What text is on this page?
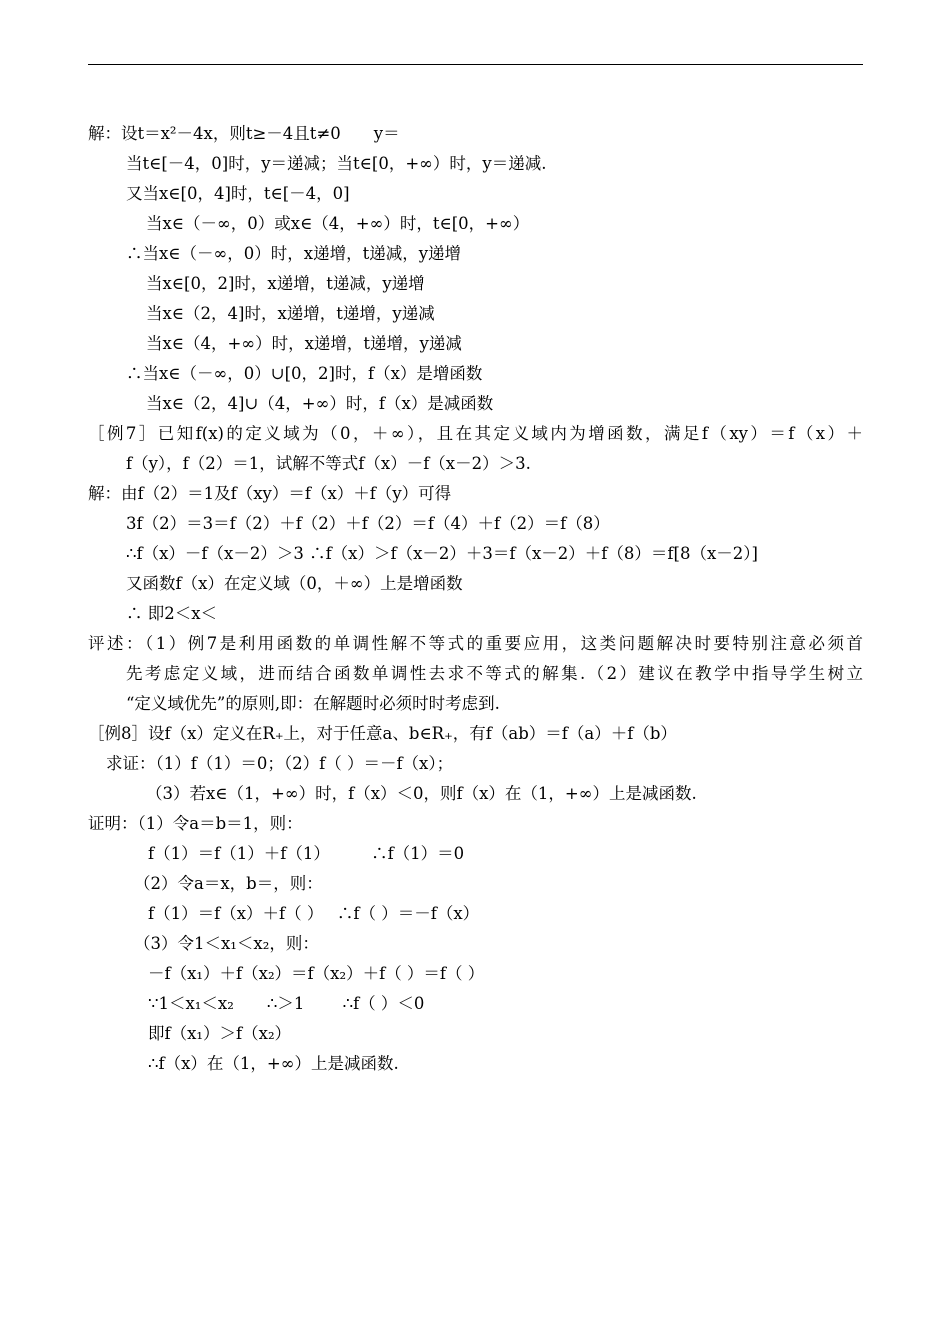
解：设t＝x²－4x，则t≥－4且t≠0　　y＝
当t∈[－4，0]时，y＝递减；当t∈[0，+∞）时，y＝递减.
又当x∈[0，4]时，t∈[－4，0]
当x∈（－∞，0）或x∈（4，+∞）时，t∈[0，+∞）
∴当x∈（－∞，0）时，x递增，t递减，y递增
当x∈[0，2]时，x递增，t递减，y递增
当x∈（2，4]时，x递增，t递增，y递减
当x∈（4，+∞）时，x递增，t递增，y递减
∴当x∈（－∞，0）∪[0，2]时，f（x）是增函数
当x∈（2，4]∪（4，+∞）时，f（x）是减函数
［例7］已知f(x)的定义域为（0，＋∞），且在其定义域内为增函数，满足f（xy）＝f（x）＋
f（y），f（2）＝1，试解不等式f（x）－f（x－2）＞3.
解：由f（2）＝1及f（xy）＝f（x）＋f（y）可得
3f（2）＝3＝f（2）＋f（2）＋f（2）＝f（4）＋f（2）＝f（8）
∴f（x）－f（x－2）＞3 ∴f（x）＞f（x－2）＋3＝f（x－2）＋f（8）＝f[8（x－2）]
又函数f（x）在定义域（0，＋∞）上是增函数
∴ 即2＜x＜
评述：（1）例7是利用函数的单调性解不等式的重要应用，这类问题解决时要特别注意必须首
先考虑定义域，进而结合函数单调性去求不等式的解集.（2）建议在教学中指导学生树立
“定义域优先”的原则,即：在解题时必须时时考虑到.
［例8］设f（x）定义在R₊上，对于任意a、b∈R₊，有f（ab）＝f（a）＋f（b）
求证：（1）f（1）＝0；（2）f（ ）＝－f（x）；
（3）若x∈（1，+∞）时，f（x）＜0，则f（x）在（1，+∞）上是减函数.
证明：（1）令a＝b＝1，则：
f（1）＝f（1）＋f（1）　　　∴f（1）＝0
（2）令a＝x，b＝，则：
f（1）＝f（x）＋f（ ）　 ∴f（ ）＝－f（x）
（3）令1＜x₁＜x₂，则：
－f（x₁）＋f（x₂）＝f（x₂）＋f（ ）＝f（ ）
∵1＜x₁＜x₂　　∴＞1　　 ∴f（ ）＜0
即f（x₁）＞f（x₂）
∴f（x）在（1，+∞）上是减函数.
